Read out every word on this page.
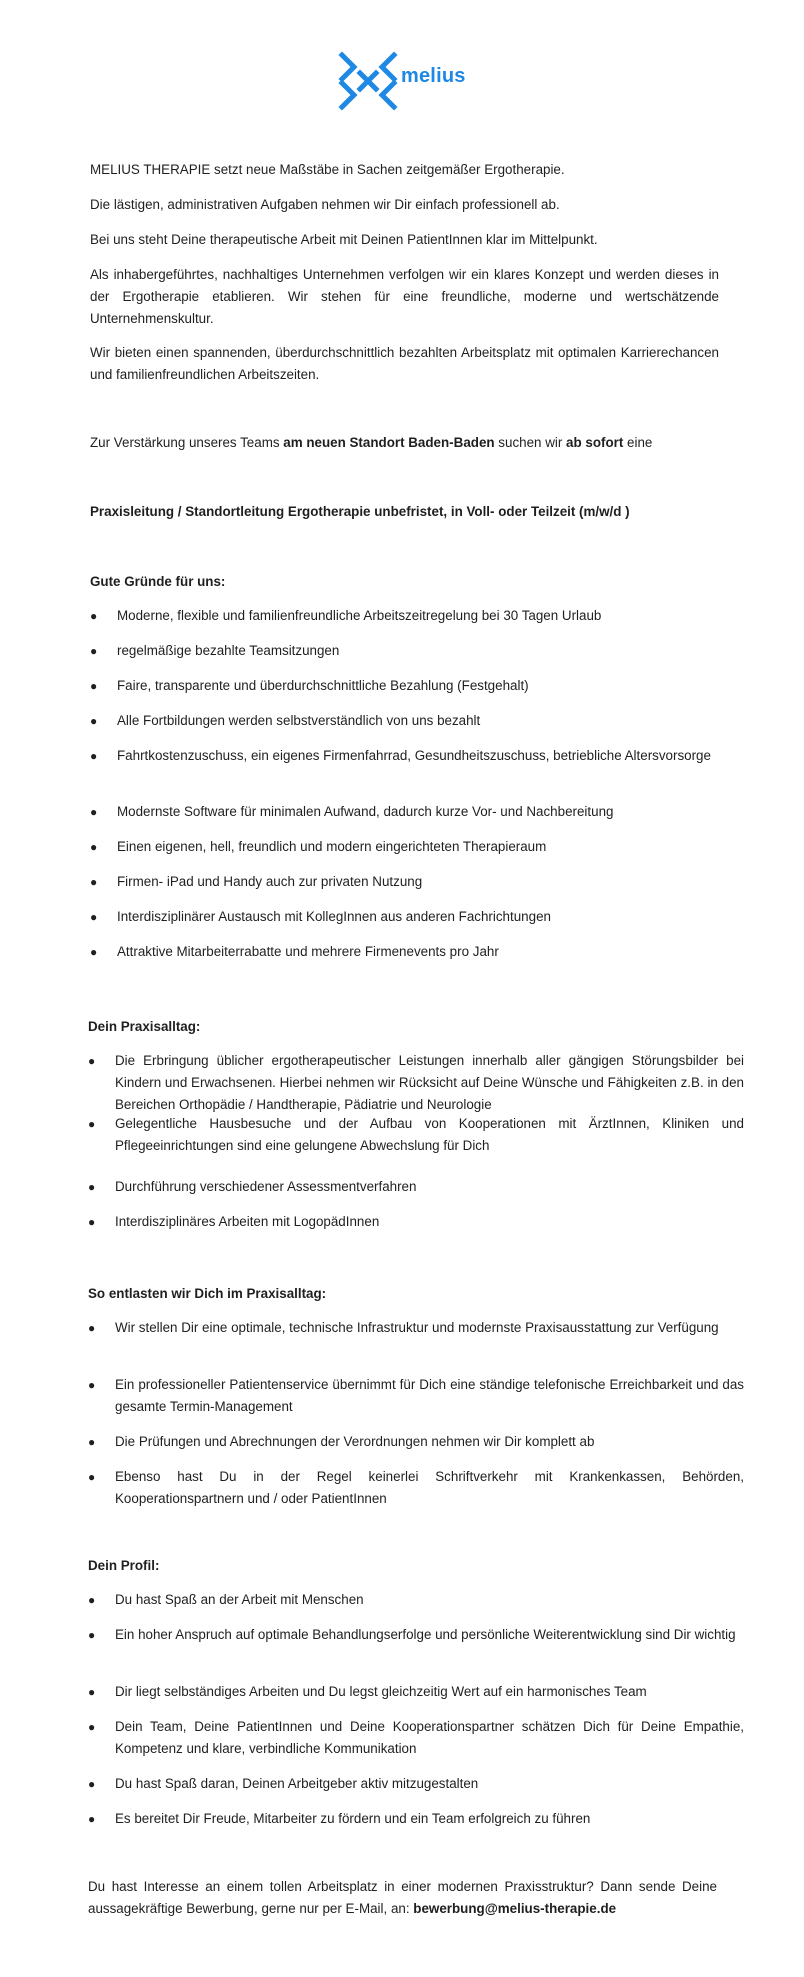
melius

MELIUS THERAPIE setzt neue Maßstäbe in Sachen zeitgemäßer Ergotherapie.

Die lästigen, administrativen Aufgaben nehmen wir Dir einfach professionell ab.

Bei uns steht Deine therapeutische Arbeit mit Deinen PatientInnen klar im Mittelpunkt.

Als inhabergeführtes, nachhaltiges Unternehmen verfolgen wir ein klares Konzept und werden dieses in der Ergotherapie etablieren. Wir stehen für eine freundliche, moderne und wertschätzende Unternehmenskultur.

Wir bieten einen spannenden, überdurchschnittlich bezahlten Arbeitsplatz mit optimalen Karrierechancen und familienfreundlichen Arbeitszeiten.

Zur Verstärkung unseres Teams am neuen Standort Baden-Baden suchen wir ab sofort eine

Praxisleitung / Standortleitung Ergotherapie unbefristet, in Voll- oder Teilzeit (m/w/d )

Gute Gründe für uns:

● Moderne, flexible und familienfreundliche Arbeitszeitregelung bei 30 Tagen Urlaub
● regelmäßige bezahlte Teamsitzungen
● Faire, transparente und überdurchschnittliche Bezahlung (Festgehalt)
● Alle Fortbildungen werden selbstverständlich von uns bezahlt
● Fahrtkostenzuschuss, ein eigenes Firmenfahrrad, Gesundheitszuschuss, betriebliche Altersvorsorge
● Modernste Software für minimalen Aufwand, dadurch kurze Vor- und Nachbereitung
● Einen eigenen, hell, freundlich und modern eingerichteten Therapieraum
● Firmen- iPad und Handy auch zur privaten Nutzung
● Interdisziplinärer Austausch mit KollegInnen aus anderen Fachrichtungen
● Attraktive Mitarbeiterrabatte und mehrere Firmenevents pro Jahr

Dein Praxisalltag:

● Die Erbringung üblicher ergotherapeutischer Leistungen innerhalb aller gängigen Störungsbilder bei Kindern und Erwachsenen. Hierbei nehmen wir Rücksicht auf Deine Wünsche und Fähigkeiten z.B. in den Bereichen Orthopädie / Handtherapie, Pädiatrie und Neurologie
● Gelegentliche Hausbesuche und der Aufbau von Kooperationen mit ÄrztInnen, Kliniken und Pflegeeinrichtungen sind eine gelungene Abwechslung für Dich
● Durchführung verschiedener Assessmentverfahren
● Interdisziplinäres Arbeiten mit LogopädInnen

So entlasten wir Dich im Praxisalltag:

● Wir stellen Dir eine optimale, technische Infrastruktur und modernste Praxisausstattung zur Verfügung
● Ein professioneller Patientenservice übernimmt für Dich eine ständige telefonische Erreichbarkeit und das gesamte Termin-Management
● Die Prüfungen und Abrechnungen der Verordnungen nehmen wir Dir komplett ab
● Ebenso hast Du in der Regel keinerlei Schriftverkehr mit Krankenkassen, Behörden, Kooperationspartnern und / oder PatientInnen

Dein Profil:

● Du hast Spaß an der Arbeit mit Menschen
● Ein hoher Anspruch auf optimale Behandlungserfolge und persönliche Weiterentwicklung sind Dir wichtig
● Dir liegt selbständiges Arbeiten und Du legst gleichzeitig Wert auf ein harmonisches Team
● Dein Team, Deine PatientInnen und Deine Kooperationspartner schätzen Dich für Deine Empathie, Kompetenz und klare, verbindliche Kommunikation
● Du hast Spaß daran, Deinen Arbeitgeber aktiv mitzugestalten
● Es bereitet Dir Freude, Mitarbeiter zu fördern und ein Team erfolgreich zu führen

Du hast Interesse an einem tollen Arbeitsplatz in einer modernen Praxisstruktur? Dann sende Deine aussagekräftige Bewerbung, gerne nur per E-Mail, an: bewerbung@melius-therapie.de
